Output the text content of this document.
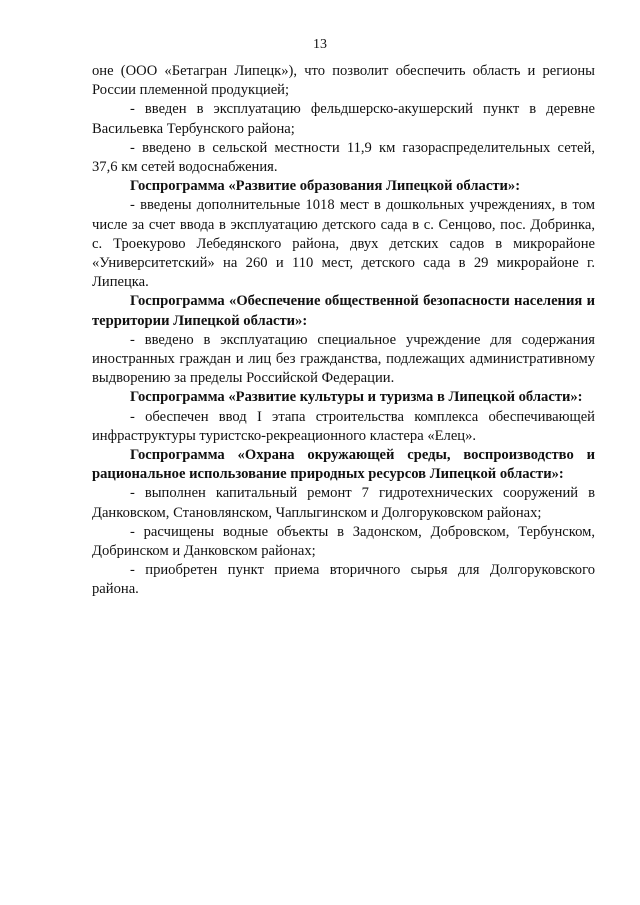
13

оне (ООО «Бетагран Липецк»), что позволит обеспечить область и регионы России племенной продукцией;

- введен в эксплуатацию фельдшерско-акушерский пункт в деревне Васильевка Тербунского района;

- введено в сельской местности 11,9 км газораспределительных сетей, 37,6 км сетей водоснабжения.

Госпрограмма «Развитие образования Липецкой области»:

- введены дополнительные 1018 мест в дошкольных учреждениях, в том числе за счет ввода в эксплуатацию детского сада в с. Сенцово, пос. Добринка, с. Троекурово Лебедянского района, двух детских садов в микрорайоне «Университетский» на 260 и 110 мест, детского сада в 29 микрорайоне г. Липецка.

Госпрограмма «Обеспечение общественной безопасности населения и территории Липецкой области»:

- введено в эксплуатацию специальное учреждение для содержания иностранных граждан и лиц без гражданства, подлежащих административному выдворению за пределы Российской Федерации.

Госпрограмма «Развитие культуры и туризма в Липецкой области»:

- обеспечен ввод I этапа строительства комплекса обеспечивающей инфраструктуры туристско-рекреационного кластера «Елец».

Госпрограмма «Охрана окружающей среды, воспроизводство и рациональное использование природных ресурсов Липецкой области»:

- выполнен капитальный ремонт 7 гидротехнических сооружений в Данковском, Становлянском, Чаплыгинском и Долгоруковском районах;

- расчищены водные объекты в Задонском, Добровском, Тербунском, Добринском и Данковском районах;

- приобретен пункт приема вторичного сырья для Долгоруковского района.
